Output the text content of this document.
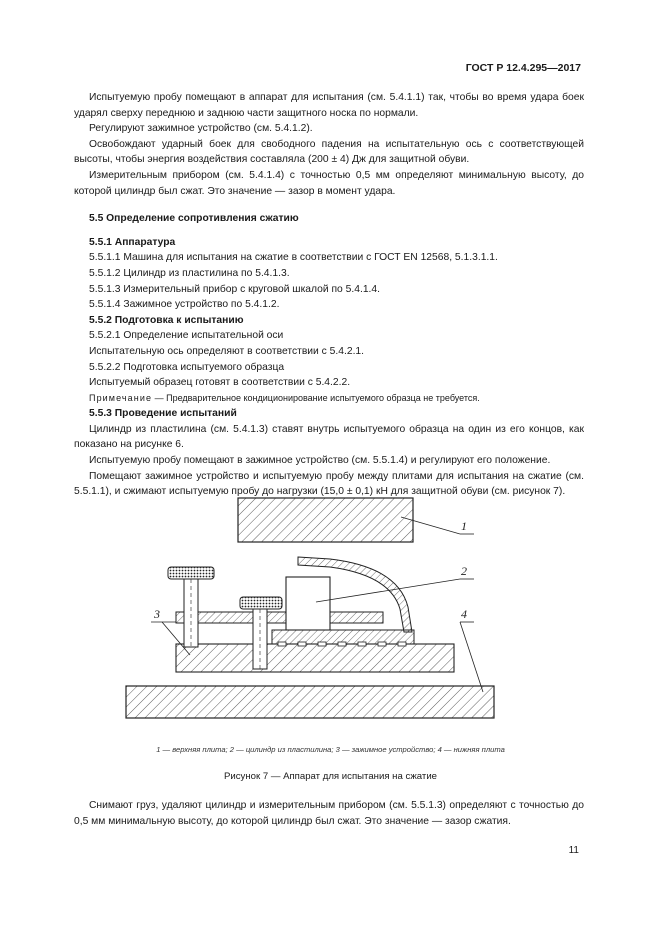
ГОСТ Р 12.4.295—2017

Испытуемую пробу помещают в аппарат для испытания (см. 5.4.1.1) так, чтобы во время удара боек ударял сверху переднюю и заднюю части защитного носка по нормали.

Регулируют зажимное устройство (см. 5.4.1.2).

Освобождают ударный боек для свободного падения на испытательную ось с соответствующей высоты, чтобы энергия воздействия составляла (200 ± 4) Дж для защитной обуви.

Измерительным прибором (см. 5.4.1.4) с точностью 0,5 мм определяют минимальную высоту, до которой цилиндр был сжат. Это значение — зазор в момент удара.

5.5 Определение сопротивления сжатию

5.5.1 Аппаратура

5.5.1.1 Машина для испытания на сжатие в соответствии с ГОСТ EN 12568, 5.1.3.1.1.

5.5.1.2 Цилиндр из пластилина по 5.4.1.3.

5.5.1.3 Измерительный прибор с круговой шкалой по 5.4.1.4.

5.5.1.4 Зажимное устройство по 5.4.1.2.

5.5.2 Подготовка к испытанию

5.5.2.1 Определение испытательной оси

Испытательную ось определяют в соответствии с 5.4.2.1.

5.5.2.2 Подготовка испытуемого образца

Испытуемый образец готовят в соответствии с 5.4.2.2.

Примечание — Предварительное кондиционирование испытуемого образца не требуется.

5.5.3 Проведение испытаний

Цилиндр из пластилина (см. 5.4.1.3) ставят внутрь испытуемого образца на один из его концов, как показано на рисунке 6.

Испытуемую пробу помещают в зажимное устройство (см. 5.5.1.4) и регулируют его положение.

Помещают зажимное устройство и испытуемую пробу между плитами для испытания на сжатие (см. 5.5.1.1), и сжимают испытуемую пробу до нагрузки (15,0 ± 0,1) кН для защитной обуви (см. рисунок 7).

1
2
3	4
1 — верхняя плита; 2 — цилиндр из пластилина; 3 — зажимное устройство; 4 — нижняя плита
Рисунок 7 — Аппарат для испытания на сжатие

Снимают груз, удаляют цилиндр и измерительным прибором (см. 5.5.1.3) определяют с точностью до 0,5 мм минимальную высоту, до которой цилиндр был сжат. Это значение — зазор сжатия.

11
